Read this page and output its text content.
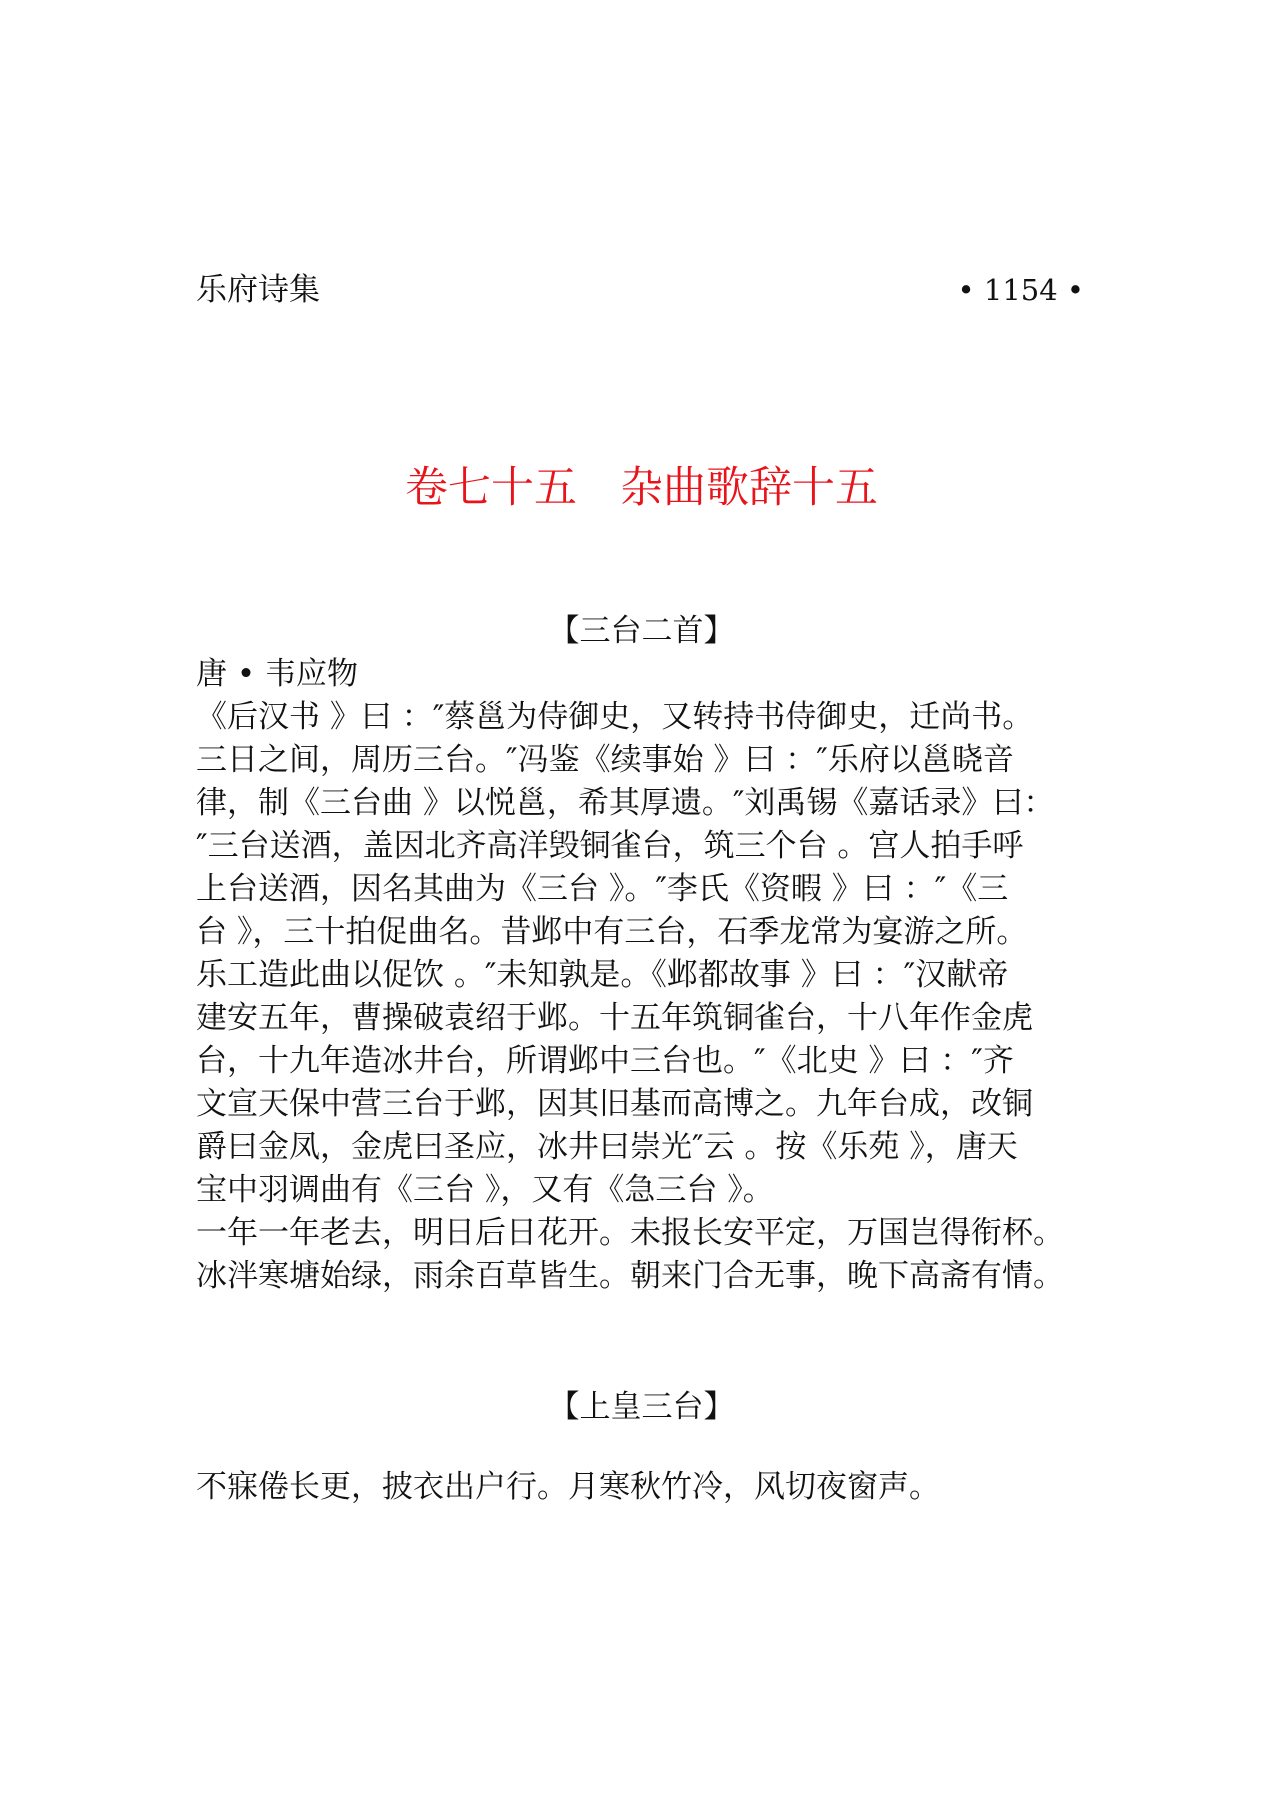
乐府诗集	• 1154 •
卷七十五　杂曲歌辞十五
【三台二首】
唐 • 韦应物
《后汉书 》曰 ：″蔡邕为侍御史，又转持书侍御史，迁尚书。
三日之间，周历三台。″冯鉴《续事始 》曰 ：″乐府以邕晓音
律，制《三台曲 》以悦邕，希其厚遗。″刘禹锡《嘉话录》曰：
″三台送酒，盖因北齐高洋毁铜雀台，筑三个台 。宫人拍手呼
上台送酒，因名其曲为《三台 》。″李氏《资暇 》曰 ：″《三
台 》，三十拍促曲名。昔邺中有三台，石季龙常为宴游之所。
乐工造此曲以促饮 。″未知孰是。《邺都故事 》曰 ：″汉献帝
建安五年，曹操破袁绍于邺。十五年筑铜雀台，十八年作金虎
台，十九年造冰井台，所谓邺中三台也。″《北史 》曰 ：″齐
文宣天保中营三台于邺，因其旧基而高博之。九年台成，改铜
爵曰金凤，金虎曰圣应，冰井曰崇光″云 。按《乐苑 》，唐天
宝中羽调曲有《三台 》，又有《急三台 》。
一年一年老去，明日后日花开。未报长安平定，万国岂得衔杯。
冰泮寒塘始绿，雨余百草皆生。朝来门合无事，晚下高斋有情。
【上皇三台】
不寐倦长更，披衣出户行。月寒秋竹冷，风切夜窗声。
